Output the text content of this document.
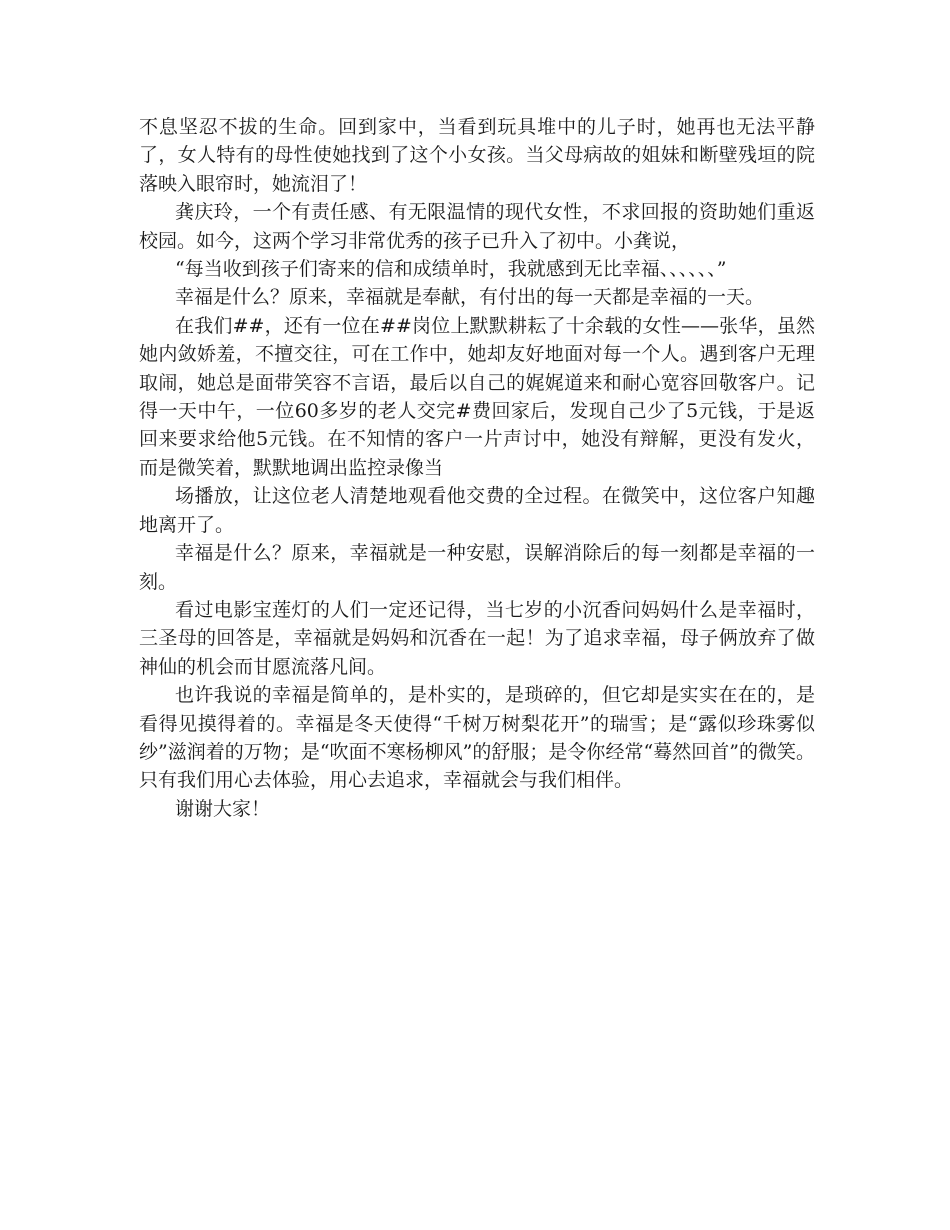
不息坚忍不拔的生命。回到家中，当看到玩具堆中的儿子时，她再也无法平静了，女人特有的母性使她找到了这个小女孩。当父母病故的姐妹和断壁残垣的院落映入眼帘时，她流泪了！

龚庆玲，一个有责任感、有无限温情的现代女性，不求回报的资助她们重返校园。如今，这两个学习非常优秀的孩子已升入了初中。小龚说，

“每当收到孩子们寄来的信和成绩单时，我就感到无比幸福、、、、、、”

幸福是什么？原来，幸福就是奉献，有付出的每一天都是幸福的一天。

在我们##，还有一位在##岗位上默默耕耘了十余载的女性——张华，虽然她内敛娇羞，不擅交往，可在工作中，她却友好地面对每一个人。遇到客户无理取闹，她总是面带笑容不言语，最后以自己的娓娓道来和耐心宽容回敬客户。记得一天中午，一位60多岁的老人交完#费回家后，发现自己少了5元钱，于是返回来要求给他5元钱。在不知情的客户一片声讨中，她没有辩解，更没有发火，而是微笑着，默默地调出监控录像当

场播放，让这位老人清楚地观看他交费的全过程。在微笑中，这位客户知趣地离开了。

幸福是什么？原来，幸福就是一种安慰，误解消除后的每一刻都是幸福的一刻。

看过电影宝莲灯的人们一定还记得，当七岁的小沉香问妈妈什么是幸福时，三圣母的回答是，幸福就是妈妈和沉香在一起！为了追求幸福，母子俩放弃了做神仙的机会而甘愿流落凡间。

也许我说的幸福是简单的，是朴实的，是琐碎的，但它却是实实在在的，是看得见摸得着的。幸福是冬天使得“千树万树梨花开”的瑞雪；是“露似珍珠雾似纱”滋润着的万物；是“吹面不寒杨柳风”的舒服；是令你经常“蓦然回首”的微笑。只有我们用心去体验，用心去追求，幸福就会与我们相伴。

谢谢大家！
